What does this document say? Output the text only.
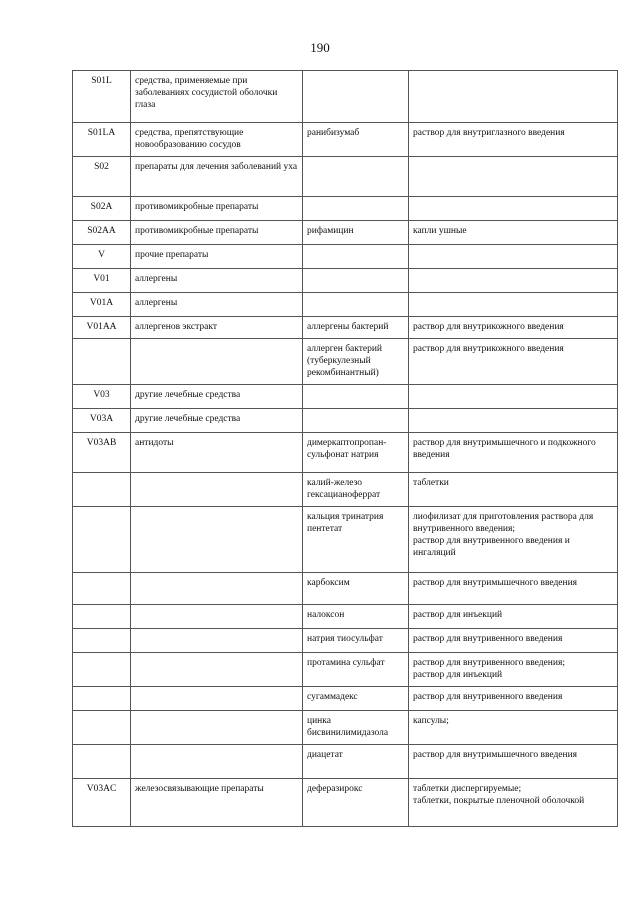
190
S01L	средства, применяемые при заболеваниях сосудистой оболочки глаза		
S01LA	средства, препятствующие новообразованию сосудов	ранибизумаб	раствор для внутриглазного введения
S02	препараты для лечения заболеваний уха		
S02A	противомикробные препараты		
S02AA	противомикробные препараты	рифамицин	капли ушные
V	прочие препараты		
V01	аллергены		
V01A	аллергены		
V01AA	аллергенов экстракт	аллергены бактерий	раствор для внутрикожного введения
		аллерген бактерий (туберкулезный рекомбинантный)	раствор для внутрикожного введения
V03	другие лечебные средства		
V03A	другие лечебные средства		
V03AB	антидоты	димеркаптопропан-сульфонат натрия	раствор для внутримышечного и подкожного введения
		калий-железо гексацианоферрат	таблетки
		кальция тринатрия пентетат	лиофилизат для приготовления раствора для внутривенного введения;
раствор для внутривенного введения и ингаляций
		карбоксим	раствор для внутримышечного введения
		налоксон	раствор для инъекций
		натрия тиосульфат	раствор для внутривенного введения
		протамина сульфат	раствор для внутривенного введения;
раствор для инъекций
		сугаммадекс	раствор для внутривенного введения
		цинка бисвинилимидазола	капсулы;
		диацетат	раствор для внутримышечного введения
V03AC	железосвязывающие препараты	деферазирокс	таблетки диспергируемые;
таблетки, покрытые пленочной оболочкой
